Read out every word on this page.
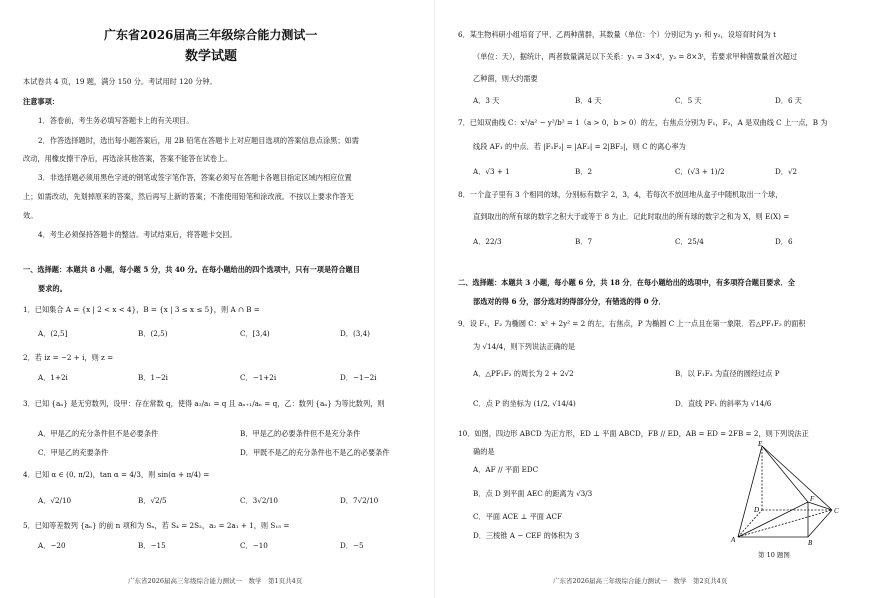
广东省2026届高三年级综合能力测试一
数学试题
本试卷共 4 页，19 题，满分 150 分。考试用时 120 分钟。
注意事项：
1．答卷前，考生务必填写答题卡上的有关项目。
2．作答选择题时，选出每小题答案后，用 2B 铅笔在答题卡上对应题目选项的答案信息点涂黑；如需
改动，用橡皮擦干净后，再选涂其他答案，答案不能答在试卷上。
3．非选择题必须用黑色字迹的钢笔或签字笔作答，答案必须写在答题卡各题目指定区域内相应位置
上；如需改动，先划掉原来的答案，然后再写上新的答案；不准使用铅笔和涂改液。不按以上要求作答无
效。
4．考生必须保持答题卡的整洁。考试结束后，将答题卡交回。
一、选择题：本题共 8 小题，每小题 5 分，共 40 分。在每小题给出的四个选项中，只有一项是符合题目
要求的。
1．已知集合 A = {x | 2 < x < 4}，B = {x | 3 ≤ x ≤ 5}，则 A ∩ B =
A．(2,5]	B．(2,5)	C．[3,4)	D．(3,4)
2．若 iz = −2 + i，则 z =
A．1+2i	B．1−2i	C．−1+2i	D．−1−2i
3．已知 {aₙ} 是无穷数列，设甲：存在常数 q，使得 a₂/a₁ = q 且 aₙ₊₁/aₙ = q，乙：数列 {aₙ} 为等比数列，则
A．甲是乙的充分条件但不是必要条件	B．甲是乙的必要条件但不是充分条件
C．甲是乙的充要条件	D．甲既不是乙的充分条件也不是乙的必要条件
4．已知 α ∈ (0, π/2)，tan α = 4/3，则 sin(α + π/4) =
A．√2/10	B．√2/5	C．3√2/10	D．7√2/10
5．已知等差数列 {aₙ} 的前 n 项和为 Sₙ，若 S₄ = 2S₂，a₂ = 2a₁ + 1，则 S₁₅ =
A．−20	B．−15	C．−10	D．−5
广东省2026届高三年级综合能力测试一　数学　第1页共4页
6．某生物科研小组培育了甲、乙两种菌群，其数量（单位：个）分别记为 y₁ 和 y₂，设培育时间为 t
（单位：天），据统计，两者数量满足以下关系：y₁ = 3×4ᵗ，y₂ = 8×3ᵗ，若要求甲种菌数量首次超过
乙种菌，则大约需要
A．3 天	B．4 天	C．5 天	D．6 天
7．已知双曲线 C：x²/a² − y²/b² = 1（a > 0，b > 0）的左，右焦点分别为 F₁，F₂，A 是双曲线 C 上一点，B 为
线段 AF₁ 的中点．若 |F₁F₂| = |AF₂| = 2|BF₂|，则 C 的离心率为
A．√3 + 1	B．2	C．(√3 + 1)/2	D．√2
8．一个盒子里有 3 个相同的球，分别标有数字 2，3，4，若每次不放回地从盒子中随机取出一个球，
直到取出的所有球的数字之积大于或等于 8 为止．记此时取出的所有球的数字之和为 X，则 E(X) =
A．22/3	B．7	C．25/4	D．6
二、选择题：本题共 3 小题，每小题 6 分，共 18 分．在每小题给出的选项中，有多项符合题目要求．全
部选对的得 6 分，部分选对的得部分分，有错选的得 0 分．
9．设 F₁，F₂ 为椭圆 C：x² + 2y² = 2 的左，右焦点，P 为椭圆 C 上一点且在第一象限．若△PF₁F₂ 的面积
为 √14/4，则下列说法正确的是
A．△PF₁F₂ 的周长为 2 + 2√2	B．以 F₁F₂ 为直径的圆经过点 P
C．点 P 的坐标为 (1/2, √14/4)	D．直线 PF₁ 的斜率为 √14/6
10．如图，四边形 ABCD 为正方形，ED ⊥ 平面 ABCD，FB // ED，AB = ED = 2FB = 2，则下列说法正
确的是
A．AF // 平面 EDC
B．点 D 到平面 AEC 的距离为 √3/3
C．平面 ACE ⊥ 平面 ACF
D．三棱锥 A − CEF 的体积为 3
E
F
D	C
A	B
第 10 题图
广东省2026届高三年级综合能力测试一　数学　第2页共4页
